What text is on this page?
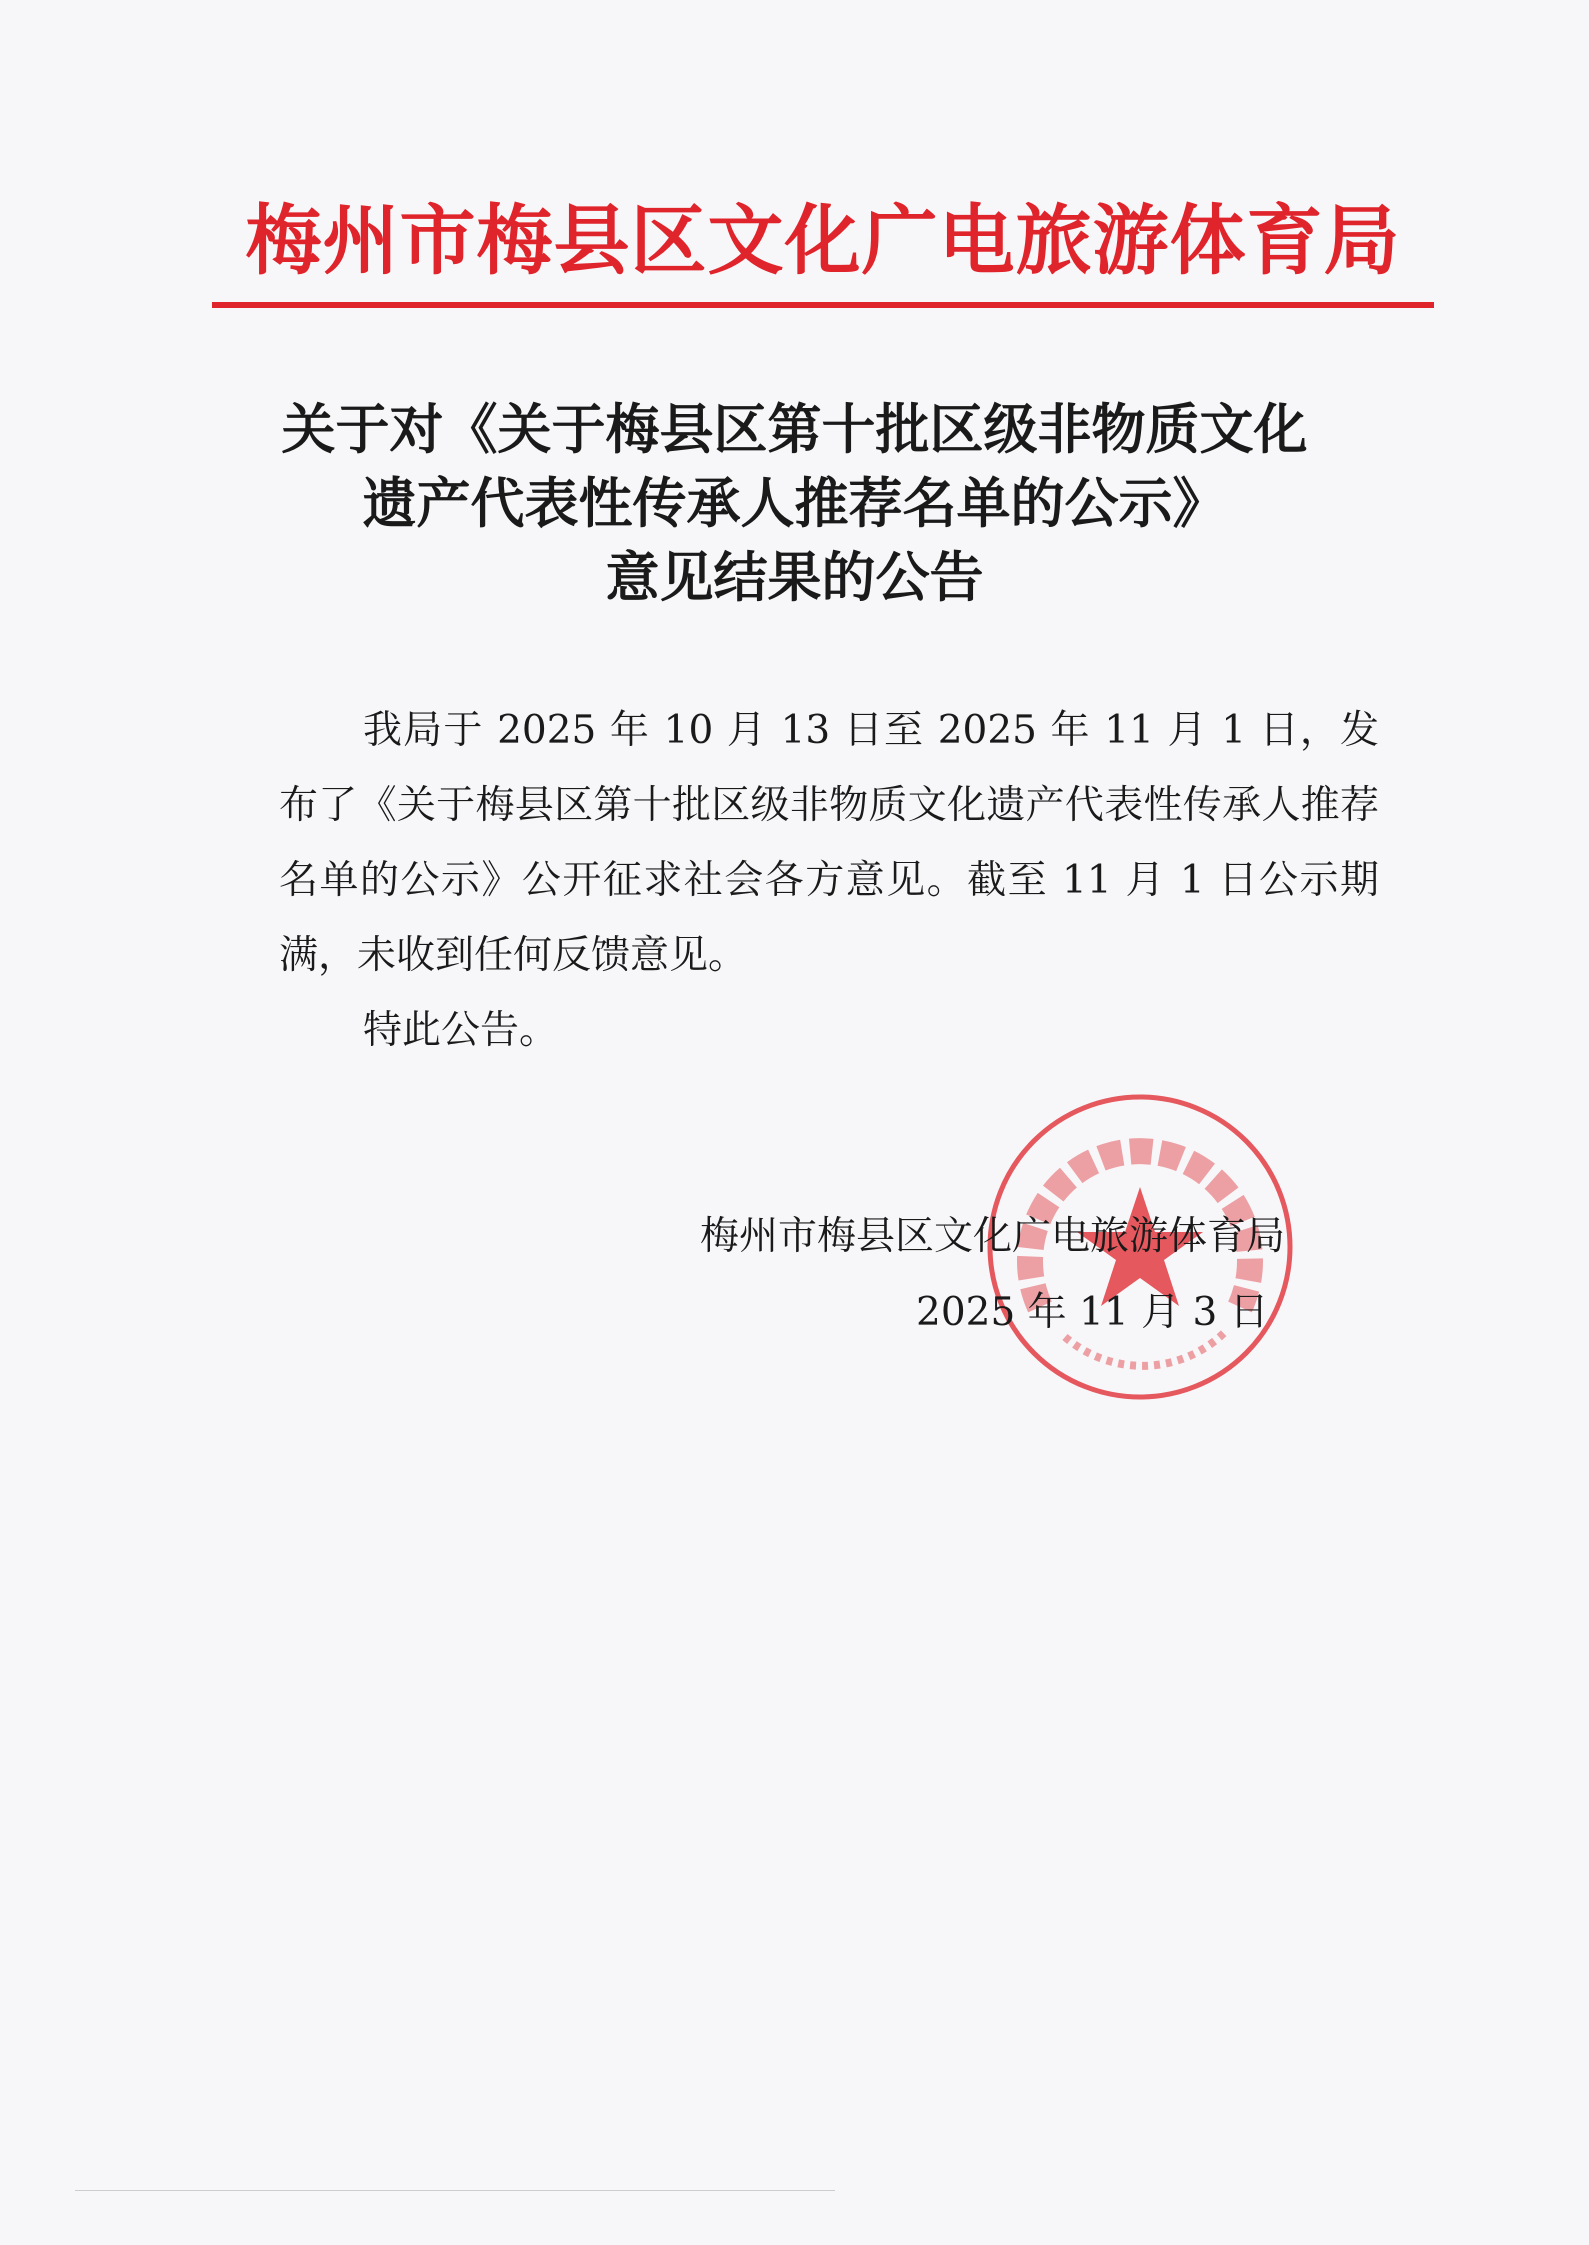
梅州市梅县区文化广电旅游体育局
关于对《关于梅县区第十批区级非物质文化
遗产代表性传承人推荐名单的公示》
意见结果的公告

我局于 2025 年 10 月 13 日至 2025 年 11 月 1 日，发布了《关于梅县区第十批区级非物质文化遗产代表性传承人推荐名单的公示》公开征求社会各方意见。截至 11 月 1 日公示期满，未收到任何反馈意见。

特此公告。

梅州市梅县区文化广电旅游体育局
2025 年 11 月 3 日
